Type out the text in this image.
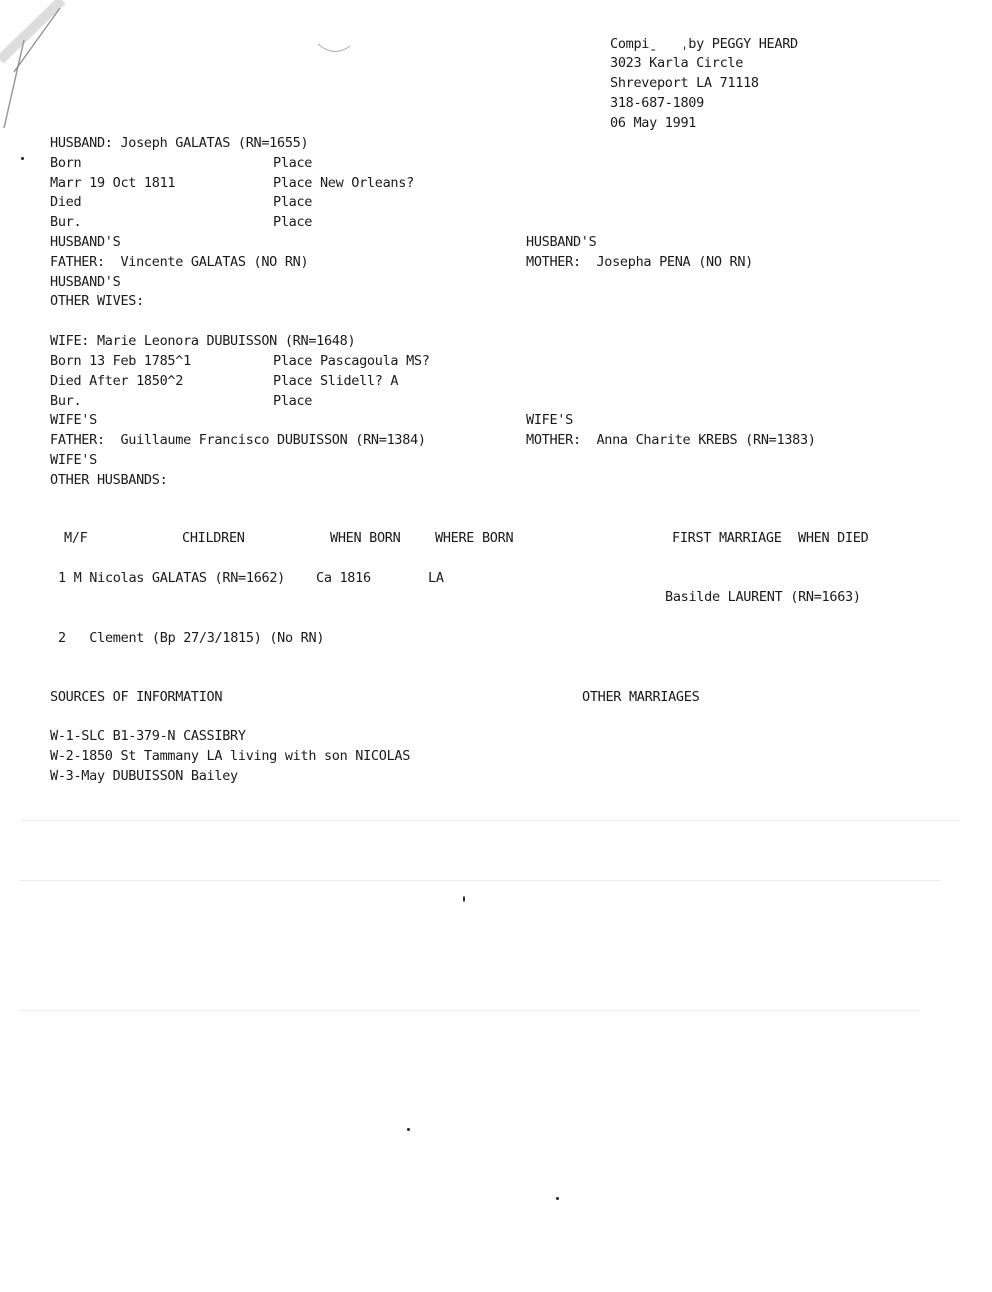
Compiˍ   ˌby PEGGY HEARD
3023 Karla Circle
Shreveport LA 71118
318-687-1809
06 May 1991
HUSBAND: Joseph GALATAS (RN=1655)
Born	Place
Marr 19 Oct 1811	Place New Orleans?
Died	Place
Bur.	Place
HUSBAND'S
FATHER:  Vincente GALATAS (NO RN)
HUSBAND'S
MOTHER:  Josepha PENA (NO RN)
HUSBAND'S
OTHER WIVES:
WIFE: Marie Leonora DUBUISSON (RN=1648)
Born 13 Feb 1785^1	Place Pascagoula MS?
Died After 1850^2	Place Slidell? A
Bur.	Place
WIFE'S
FATHER:  Guillaume Francisco DUBUISSON (RN=1384)
WIFE'S
MOTHER:  Anna Charite KREBS (RN=1383)
WIFE'S
OTHER HUSBANDS:
M/F	CHILDREN	WHEN BORN	WHERE BORN	FIRST MARRIAGE WHEN DIED
1 M Nicolas GALATAS (RN=1662) Ca 1816	LA
Basilde LAURENT (RN=1663)
2   Clement (Bp 27/3/1815) (No RN)
SOURCES OF INFORMATION	OTHER MARRIAGES
W-1-SLC B1-379-N CASSIBRY
W-2-1850 St Tammany LA living with son NICOLAS
W-3-May DUBUISSON Bailey
